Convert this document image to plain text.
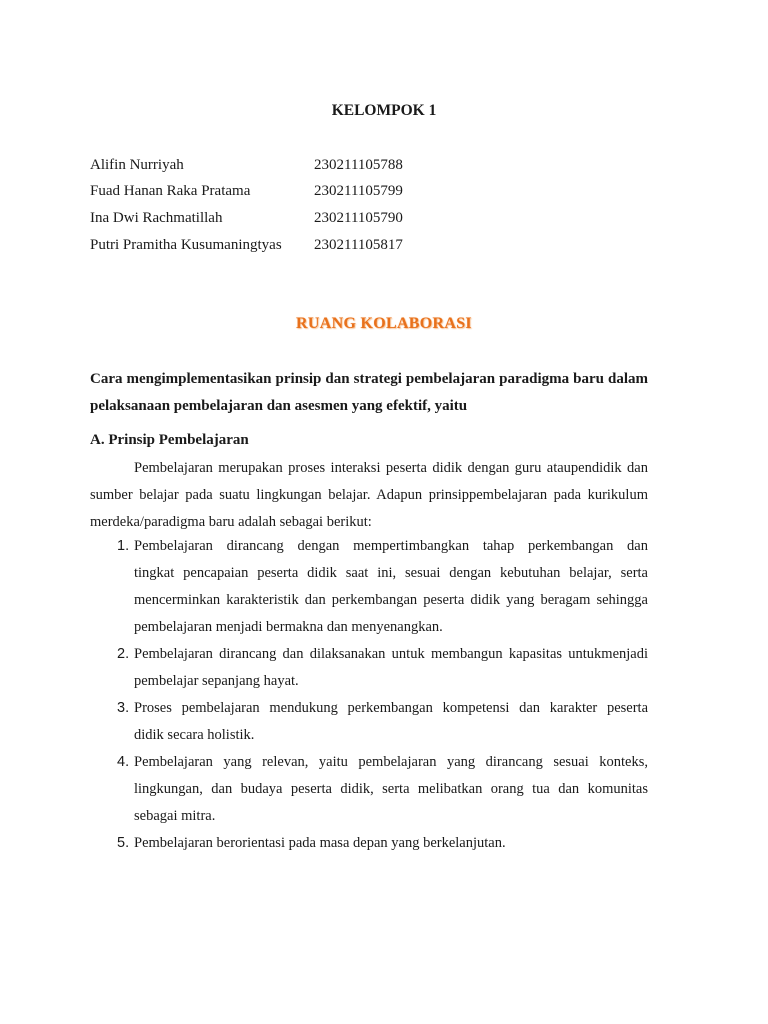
KELOMPOK 1
Alifin Nurriyah	230211105788
Fuad Hanan Raka Pratama	230211105799
Ina Dwi Rachmatillah	230211105790
Putri Pramitha Kusumaningtyas 230211105817
RUANG KOLABORASI
Cara mengimplementasikan prinsip dan strategi pembelajaran paradigma baru dalam
pelaksanaan pembelajaran dan asesmen yang efektif, yaitu
A. Prinsip Pembelajaran
Pembelajaran merupakan proses interaksi peserta didik dengan guru ataupendidik dan
sumber belajar pada suatu lingkungan belajar. Adapun prinsippembelajaran pada kurikulum
merdeka/paradigma baru adalah sebagai berikut:
1. Pembelajaran dirancang dengan mempertimbangkan tahap perkembangan dan
tingkat pencapaian peserta didik saat ini, sesuai dengan kebutuhan belajar, serta
mencerminkan karakteristik dan perkembangan peserta didik yang beragam sehingga
pembelajaran menjadi bermakna dan menyenangkan.
2. Pembelajaran dirancang dan dilaksanakan untuk membangun kapasitas untukmenjadi
pembelajar sepanjang hayat.
3. Proses pembelajaran mendukung perkembangan kompetensi dan karakter peserta
didik secara holistik.
4. Pembelajaran yang relevan, yaitu pembelajaran yang dirancang sesuai konteks,
lingkungan, dan budaya peserta didik, serta melibatkan orang tua dan komunitas
sebagai mitra.
5. Pembelajaran berorientasi pada masa depan yang berkelanjutan.
